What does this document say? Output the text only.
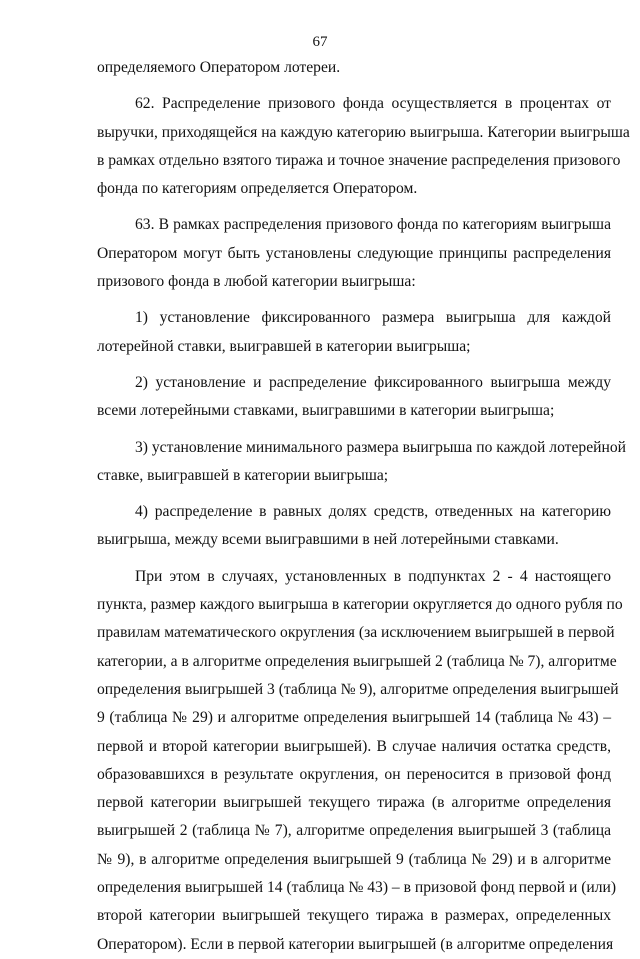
67
определяемого Оператором лотереи.
62. Распределение призового фонда осуществляется в процентах от
выручки, приходящейся на каждую категорию выигрыша. Категории выигрыша
в рамках отдельно взятого тиража и точное значение распределения призового
фонда по категориям определяется Оператором.
63. В рамках распределения призового фонда по категориям выигрыша
Оператором могут быть установлены следующие принципы распределения
призового фонда в любой категории выигрыша:
1) установление фиксированного размера выигрыша для каждой
лотерейной ставки, выигравшей в категории выигрыша;
2) установление и распределение фиксированного выигрыша между
всеми лотерейными ставками, выигравшими в категории выигрыша;
3) установление минимального размера выигрыша по каждой лотерейной
ставке, выигравшей в категории выигрыша;
4) распределение в равных долях средств, отведенных на категорию
выигрыша, между всеми выигравшими в ней лотерейными ставками.
При этом в случаях, установленных в подпунктах 2 - 4 настоящего
пункта, размер каждого выигрыша в категории округляется до одного рубля по
правилам математического округления (за исключением выигрышей в первой
категории, а в алгоритме определения выигрышей 2 (таблица № 7), алгоритме
определения выигрышей 3 (таблица № 9), алгоритме определения выигрышей
9 (таблица № 29) и алгоритме определения выигрышей 14 (таблица № 43) –
первой и второй категории выигрышей). В случае наличия остатка средств,
образовавшихся в результате округления, он переносится в призовой фонд
первой категории выигрышей текущего тиража (в алгоритме определения
выигрышей 2 (таблица № 7), алгоритме определения выигрышей 3 (таблица
№ 9), в алгоритме определения выигрышей 9 (таблица № 29) и в алгоритме
определения выигрышей 14 (таблица № 43) – в призовой фонд первой и (или)
второй категории выигрышей текущего тиража в размерах, определенных
Оператором). Если в первой категории выигрышей (в алгоритме определения
